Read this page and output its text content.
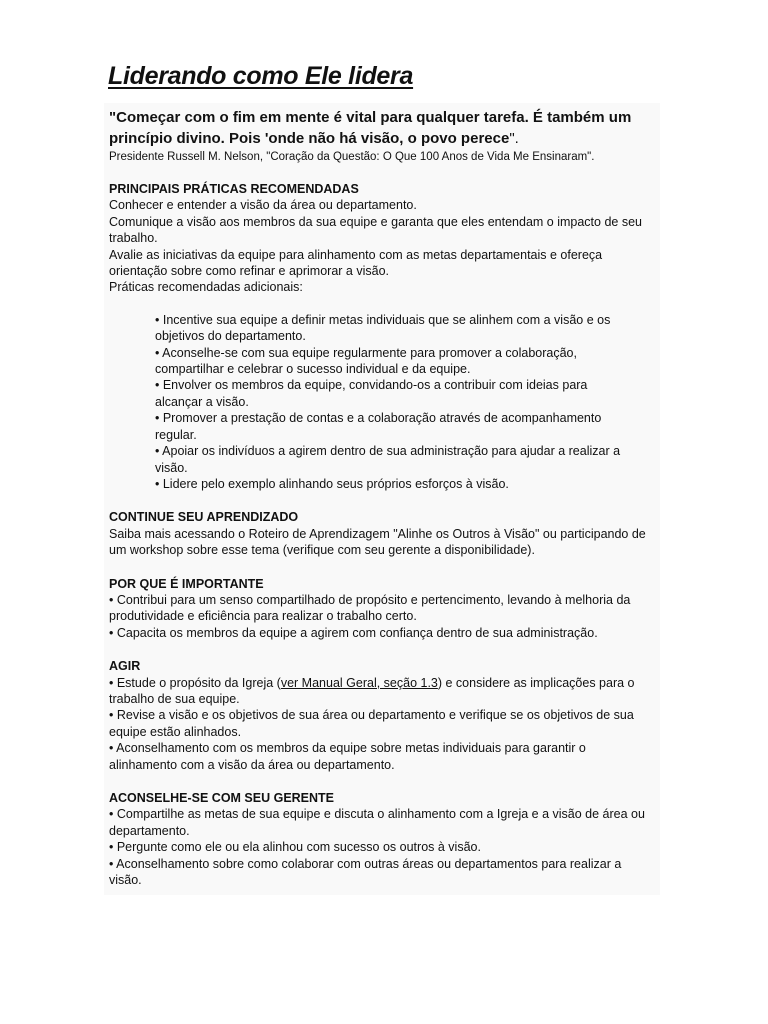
Liderando como Ele lidera

"Começar com o fim em mente é vital para qualquer tarefa. É também um princípio divino. Pois 'onde não há visão, o povo perece".

Presidente Russell M. Nelson, "Coração da Questão: O Que 100 Anos de Vida Me Ensinaram".

PRINCIPAIS PRÁTICAS RECOMENDADAS

Conhecer e entender a visão da área ou departamento.

Comunique a visão aos membros da sua equipe e garanta que eles entendam o impacto de seu trabalho.

Avalie as iniciativas da equipe para alinhamento com as metas departamentais e ofereça orientação sobre como refinar e aprimorar a visão.

Práticas recomendadas adicionais:

• Incentive sua equipe a definir metas individuais que se alinhem com a visão e os objetivos do departamento.

• Aconselhe-se com sua equipe regularmente para promover a colaboração, compartilhar e celebrar o sucesso individual e da equipe.

• Envolver os membros da equipe, convidando-os a contribuir com ideias para alcançar a visão.

• Promover a prestação de contas e a colaboração através de acompanhamento regular.

• Apoiar os indivíduos a agirem dentro de sua administração para ajudar a realizar a visão.

• Lidere pelo exemplo alinhando seus próprios esforços à visão.

CONTINUE SEU APRENDIZADO

Saiba mais acessando o Roteiro de Aprendizagem "Alinhe os Outros à Visão" ou participando de um workshop sobre esse tema (verifique com seu gerente a disponibilidade).

POR QUE É IMPORTANTE

• Contribui para um senso compartilhado de propósito e pertencimento, levando à melhoria da produtividade e eficiência para realizar o trabalho certo.

• Capacita os membros da equipe a agirem com confiança dentro de sua administração.

AGIR

• Estude o propósito da Igreja (ver Manual Geral, seção 1.3) e considere as implicações para o trabalho de sua equipe.

• Revise a visão e os objetivos de sua área ou departamento e verifique se os objetivos de sua equipe estão alinhados.

• Aconselhamento com os membros da equipe sobre metas individuais para garantir o alinhamento com a visão da área ou departamento.

ACONSELHE-SE COM SEU GERENTE

• Compartilhe as metas de sua equipe e discuta o alinhamento com a Igreja e a visão de área ou departamento.

• Pergunte como ele ou ela alinhou com sucesso os outros à visão.

• Aconselhamento sobre como colaborar com outras áreas ou departamentos para realizar a visão.
